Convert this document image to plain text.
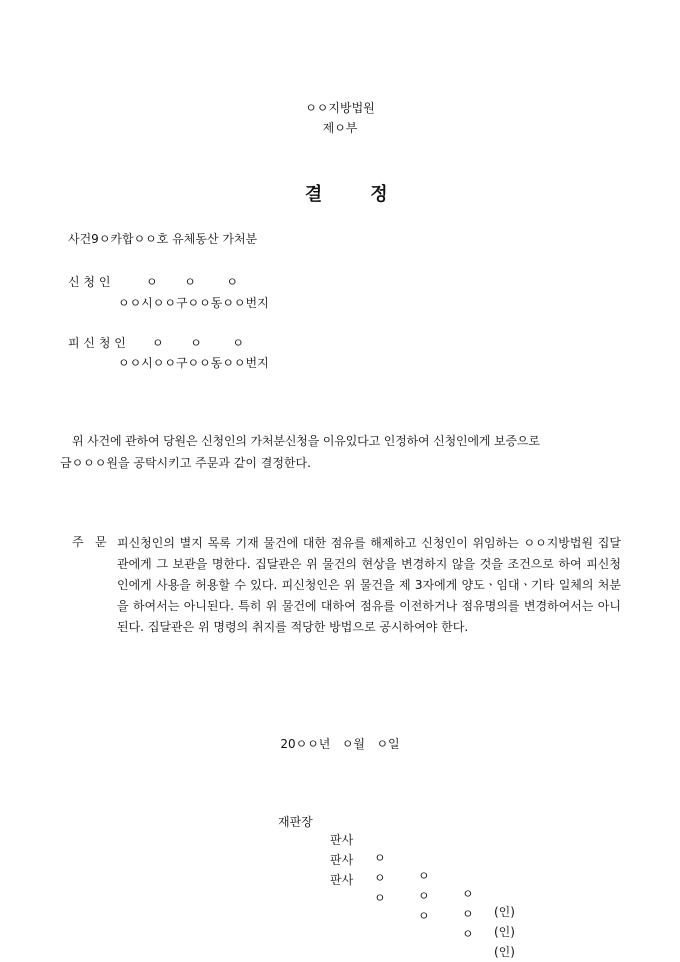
ㅇㅇ지방법원
제ㅇ부

결	정

사건9ㅇ카합ㅇㅇ호 유체동산 가처분
신 청 인	ㅇ       ㅇ        ㅇ
ㅇㅇ시ㅇㅇ구ㅇㅇ동ㅇㅇ번지
피 신 청 인 ㅇ       ㅇ        ㅇ
ㅇㅇ시ㅇㅇ구ㅇㅇ동ㅇㅇ번지
위 사건에 관하여 당원은 신청인의 가처분신청을 이유있다고 인정하여 신청인에게 보증으로
금ㅇㅇㅇ원을 공탁시키고 주문과 같이 결정한다.
주   문 피신청인의 별지 목록 기재 물건에 대한 점유를 해제하고 신청인이 위임하는 ㅇㅇ지방법원 집달관에게 그 보관을 명한다. 집달관은 위 물건의 현상을 변경하지 않을 것을 조건으로 하여 피신청인에게 사용을 허용할 수 있다. 피신청인은 위 물건을 제 3자에게 양도ㆍ임대ㆍ기타 일체의 처분을 하여서는 아니된다. 특히 위 물건에 대하여 점유를 이전하거나 점유명의를 변경하여서는 아니된다. 집달관은 위 명령의 취지를 적당한 방법으로 공시하여야 한다.
20ㅇㅇ년   ㅇ월   ㅇ일

재판장

판사

ㅇ

ㅇ

ㅇ

(인)

판사

ㅇ

ㅇ

ㅇ

(인)

판사

ㅇ

ㅇ

ㅇ

(인)
